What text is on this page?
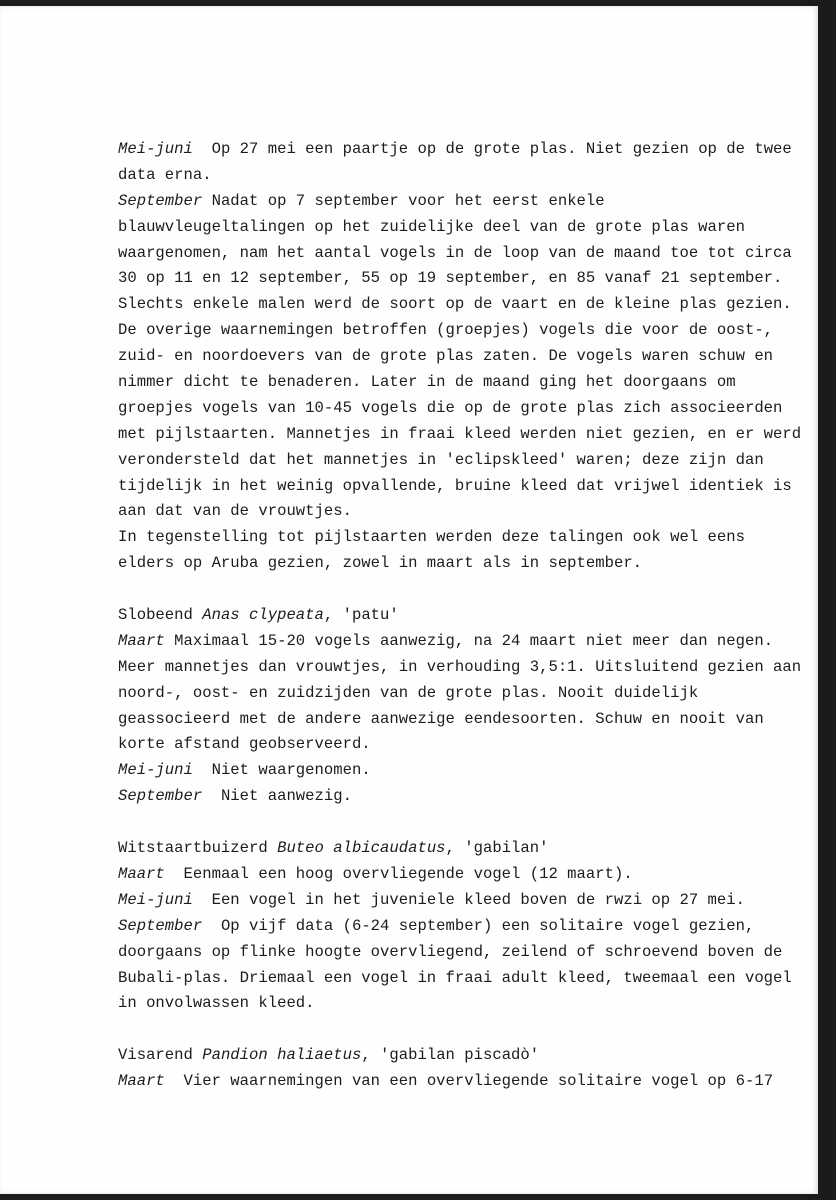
Mei-juni  Op 27 mei een paartje op de grote plas. Niet gezien op de twee
data erna.
September Nadat op 7 september voor het eerst enkele
blauwvleugeltalingen op het zuidelijke deel van de grote plas waren
waargenomen, nam het aantal vogels in de loop van de maand toe tot circa
30 op 11 en 12 september, 55 op 19 september, en 85 vanaf 21 september.
Slechts enkele malen werd de soort op de vaart en de kleine plas gezien.
De overige waarnemingen betroffen (groepjes) vogels die voor de oost-,
zuid- en noordoevers van de grote plas zaten. De vogels waren schuw en
nimmer dicht te benaderen. Later in de maand ging het doorgaans om
groepjes vogels van 10-45 vogels die op de grote plas zich associeerden
met pijlstaarten. Mannetjes in fraai kleed werden niet gezien, en er werd
verondersteld dat het mannetjes in 'eclipskleed' waren; deze zijn dan
tijdelijk in het weinig opvallende, bruine kleed dat vrijwel identiek is
aan dat van de vrouwtjes.
In tegenstelling tot pijlstaarten werden deze talingen ook wel eens
elders op Aruba gezien, zowel in maart als in september.
Slobeend Anas clypeata, 'patu'
Maart Maximaal 15-20 vogels aanwezig, na 24 maart niet meer dan negen.
Meer mannetjes dan vrouwtjes, in verhouding 3,5:1. Uitsluitend gezien aan
noord-, oost- en zuidzijden van de grote plas. Nooit duidelijk
geassocieerd met de andere aanwezige eendesoorten. Schuw en nooit van
korte afstand geobserveerd.
Mei-juni  Niet waargenomen.
September  Niet aanwezig.
Witstaartbuizerd Buteo albicaudatus, 'gabilan'
Maart  Eenmaal een hoog overvliegende vogel (12 maart).
Mei-juni  Een vogel in het juveniele kleed boven de rwzi op 27 mei.
September  Op vijf data (6-24 september) een solitaire vogel gezien,
doorgaans op flinke hoogte overvliegend, zeilend of schroevend boven de
Bubali-plas. Driemaal een vogel in fraai adult kleed, tweemaal een vogel
in onvolwassen kleed.
Visarend Pandion haliaetus, 'gabilan piscadò'
Maart  Vier waarnemingen van een overvliegende solitaire vogel op 6-17
